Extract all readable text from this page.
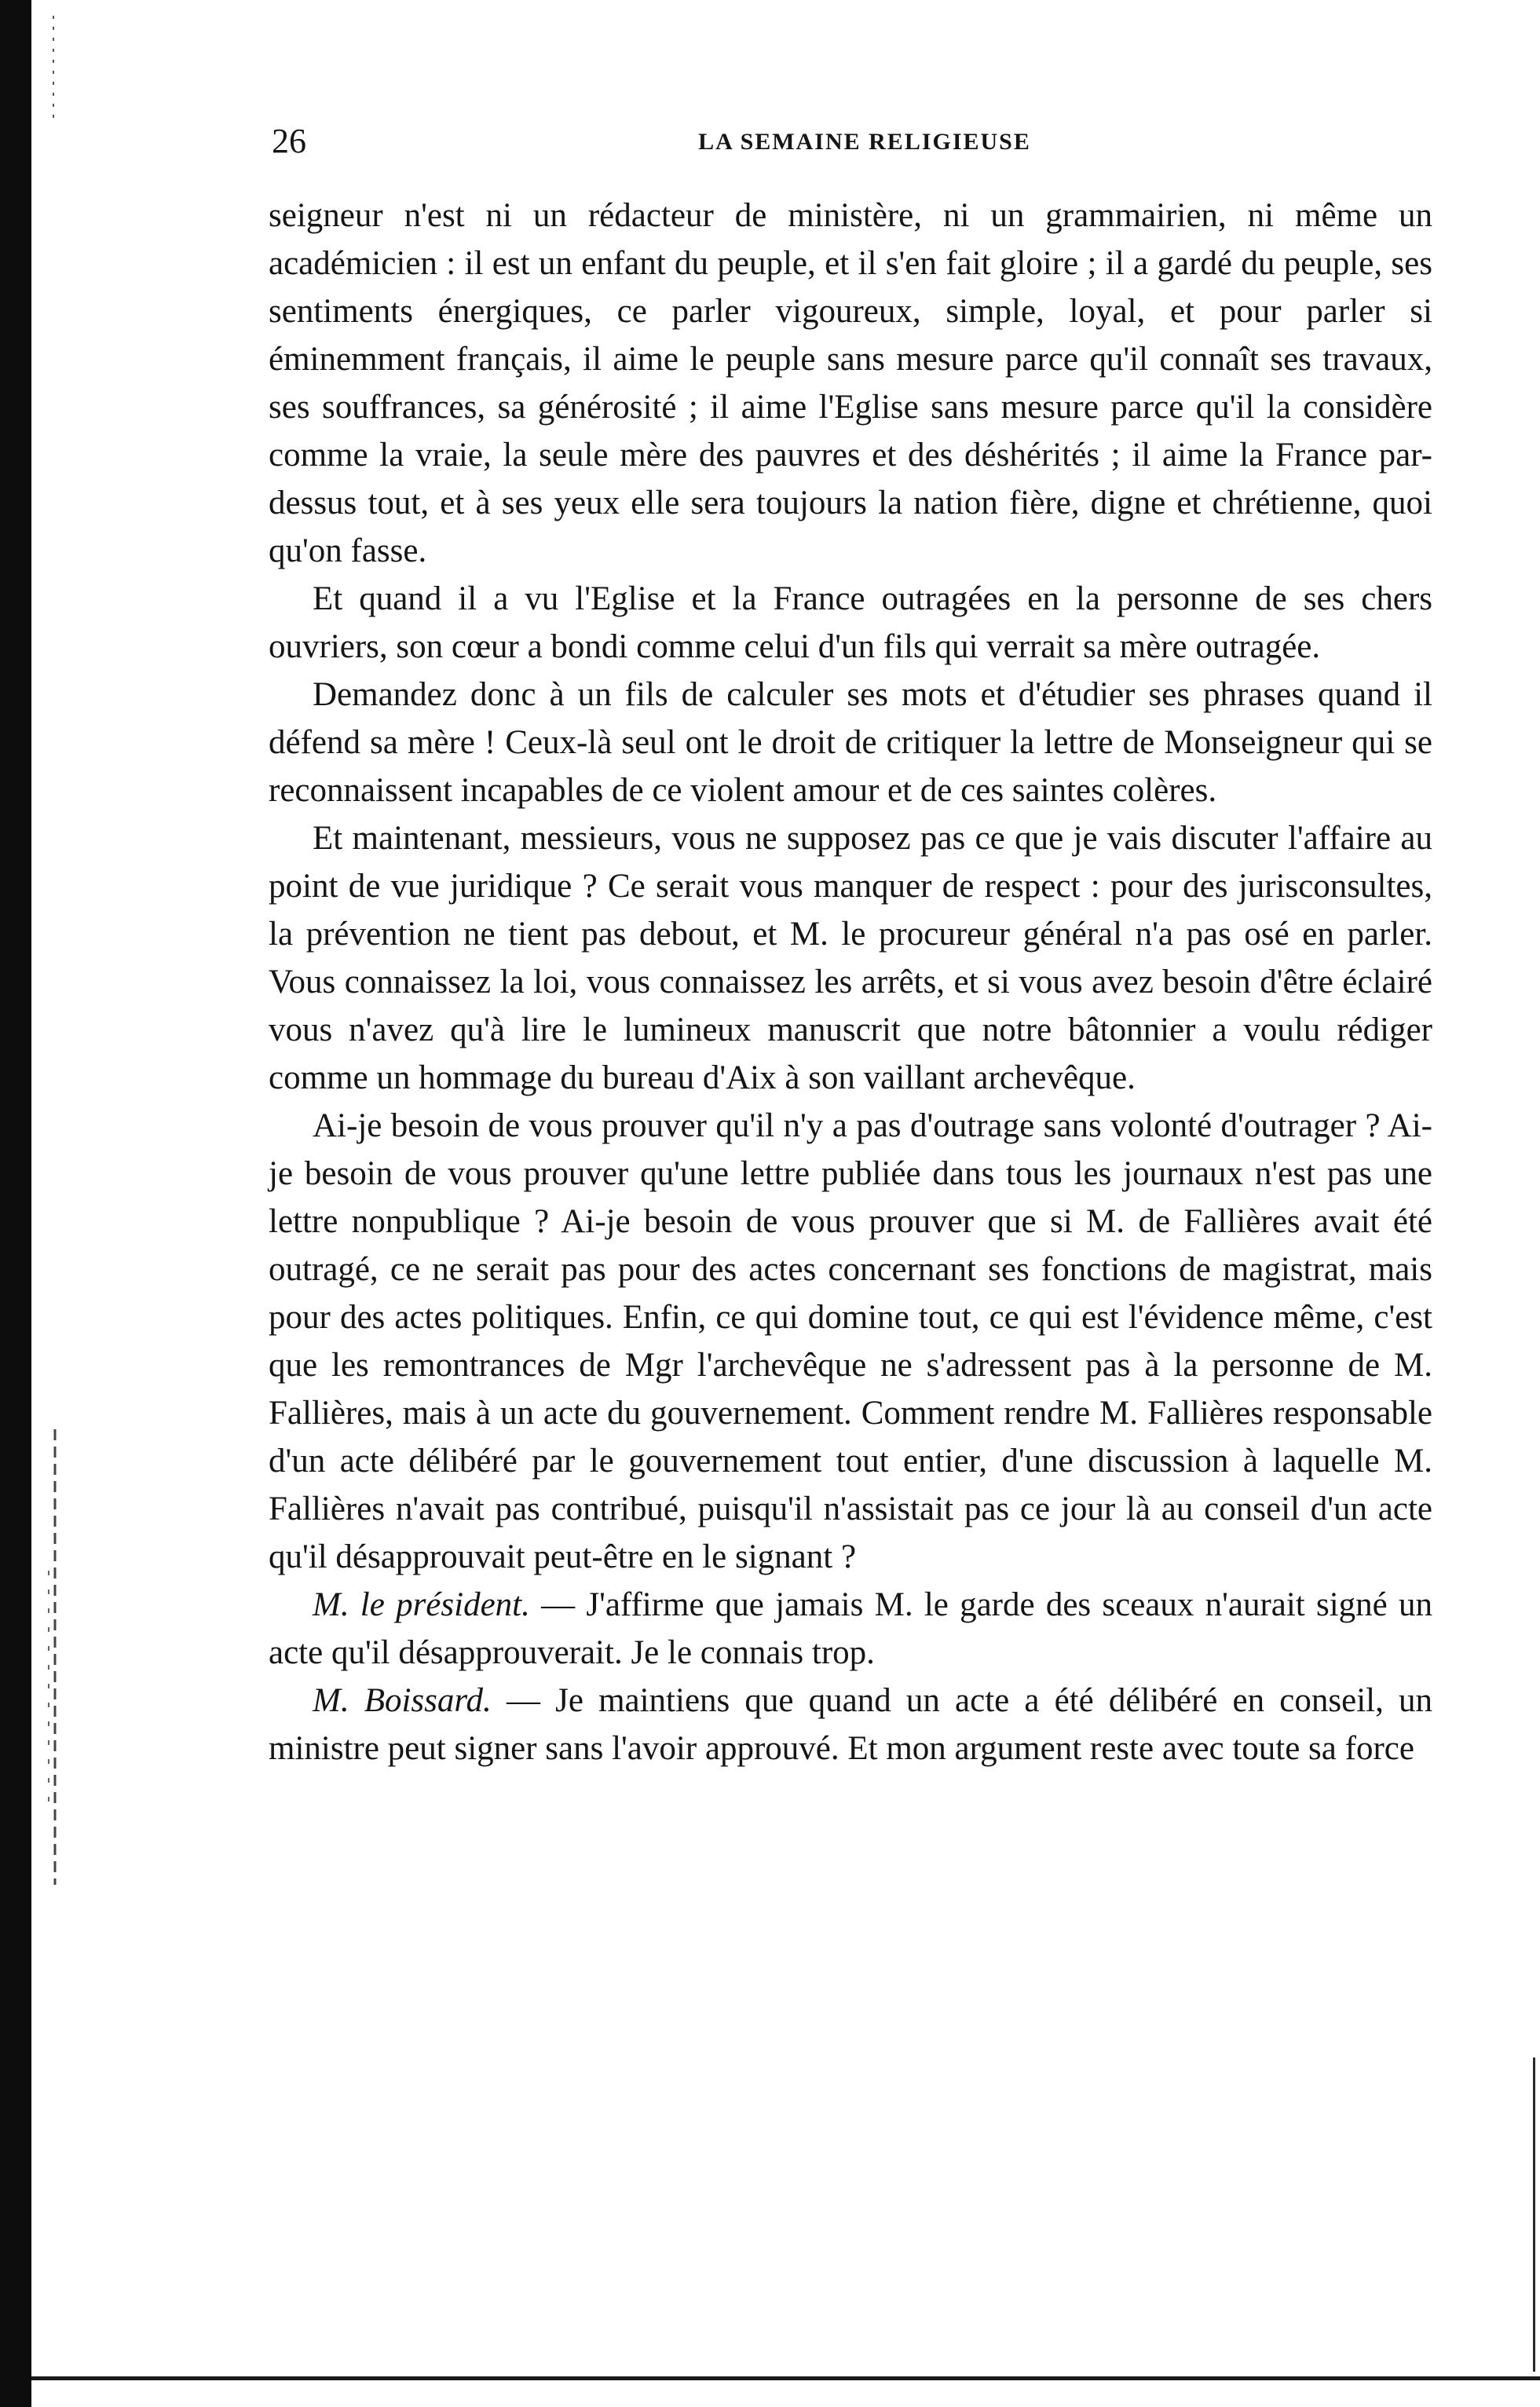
26	LA SEMAINE RELIGIEUSE

seigneur n'est ni un rédacteur de ministère, ni un grammairien, ni même un académicien : il est un enfant du peuple, et il s'en fait gloire ; il a gardé du peuple, ses sentiments énergiques, ce parler vigoureux, simple, loyal, et pour parler si éminemment français, il aime le peuple sans mesure parce qu'il connaît ses travaux, ses souffrances, sa générosité ; il aime l'Eglise sans mesure parce qu'il la considère comme la vraie, la seule mère des pauvres et des déshérités ; il aime la France par-dessus tout, et à ses yeux elle sera toujours la nation fière, digne et chrétienne, quoi qu'on fasse.

Et quand il a vu l'Eglise et la France outragées en la personne de ses chers ouvriers, son cœur a bondi comme celui d'un fils qui verrait sa mère outragée.

Demandez donc à un fils de calculer ses mots et d'étudier ses phrases quand il défend sa mère ! Ceux-là seul ont le droit de critiquer la lettre de Monseigneur qui se reconnaissent incapables de ce violent amour et de ces saintes colères.

Et maintenant, messieurs, vous ne supposez pas ce que je vais discuter l'affaire au point de vue juridique ? Ce serait vous manquer de respect : pour des jurisconsultes, la prévention ne tient pas debout, et M. le procureur général n'a pas osé en parler. Vous connaissez la loi, vous connaissez les arrêts, et si vous avez besoin d'être éclairé vous n'avez qu'à lire le lumineux manuscrit que notre bâtonnier a voulu rédiger comme un hommage du bureau d'Aix à son vaillant archevêque.

Ai-je besoin de vous prouver qu'il n'y a pas d'outrage sans volonté d'outrager ? Ai-je besoin de vous prouver qu'une lettre publiée dans tous les journaux n'est pas une lettre nonpublique ? Ai-je besoin de vous prouver que si M. de Fallières avait été outragé, ce ne serait pas pour des actes concernant ses fonctions de magistrat, mais pour des actes politiques. Enfin, ce qui domine tout, ce qui est l'évidence même, c'est que les remontrances de Mgr l'archevêque ne s'adressent pas à la personne de M. Fallières, mais à un acte du gouvernement. Comment rendre M. Fallières responsable d'un acte délibéré par le gouvernement tout entier, d'une discussion à laquelle M. Fallières n'avait pas contribué, puisqu'il n'assistait pas ce jour là au conseil d'un acte qu'il désapprouvait peut-être en le signant ?

M. le président. — J'affirme que jamais M. le garde des sceaux n'aurait signé un acte qu'il désapprouverait. Je le connais trop.

M. Boissard. — Je maintiens que quand un acte a été délibéré en conseil, un ministre peut signer sans l'avoir approuvé. Et mon argument reste avec toute sa force
